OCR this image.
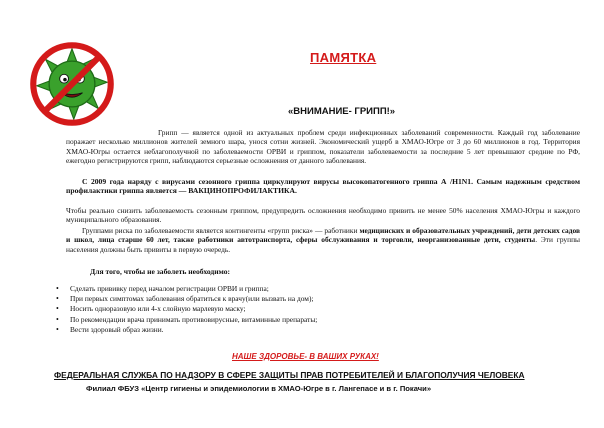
ПАМЯТКА
«ВНИМАНИЕ- ГРИПП!»

Грипп — является одной из актуальных проблем среди инфекционных заболеваний современности. Каждый год заболевание поражает несколько миллионов жителей земного шара, унося сотни жизней. Экономический ущерб в ХМАО-Югре от 3 до 60 миллионов в год. Территория ХМАО-Югры остается неблагополучной по заболеваемости ОРВИ и гриппом, показатели заболеваемости за последние 5 лет превышают средние по РФ, ежегодно регистрируются грипп, наблюдаются серьезные осложнения от данного заболевания.

С 2009 года наряду с вирусами сезонного гриппа циркулируют вирусы высокопатогенного гриппа А /H1N1. Самым надежным средством профилактики гриппа является — ВАКЦИНОПРОФИЛАКТИКА.

Чтобы реально снизить заболеваемость сезонным гриппом, предупредить осложнения необходимо привить не менее 50% населения ХМАО-Югры и каждого муниципального образования.

Группами риска по заболеваемости является контингенты «групп риска» — работники медицинских и образовательных учреждений, дети детских садов и школ, лица старше 60 лет, также работники автотранспорта, сферы обслуживания и торговли, неорганизованные дети, студенты. Эти группы населения должны быть привиты в первую очередь.

Для того, чтобы не заболеть необходимо:
• Сделать прививку перед началом регистрации ОРВИ и гриппа;
• При первых симптомах заболевания обратиться к врачу(или вызвать на дом);
• Носить одноразовую или 4-х слойную марлевую маску;
• По рекомендации врача принимать противовирусные, витаминные препараты;
• Вести здоровый образ жизни.
НАШЕ ЗДОРОВЬЕ- В ВАШИХ РУКАХ!
ФЕДЕРАЛЬНАЯ СЛУЖБА ПО НАДЗОРУ В СФЕРЕ ЗАЩИТЫ ПРАВ ПОТРЕБИТЕЛЕЙ И БЛАГОПОЛУЧИЯ ЧЕЛОВЕКА
Филиал ФБУЗ «Центр гигиены и эпидемиологии в ХМАО-Югре в г. Лангепасе и в г. Покачи»
